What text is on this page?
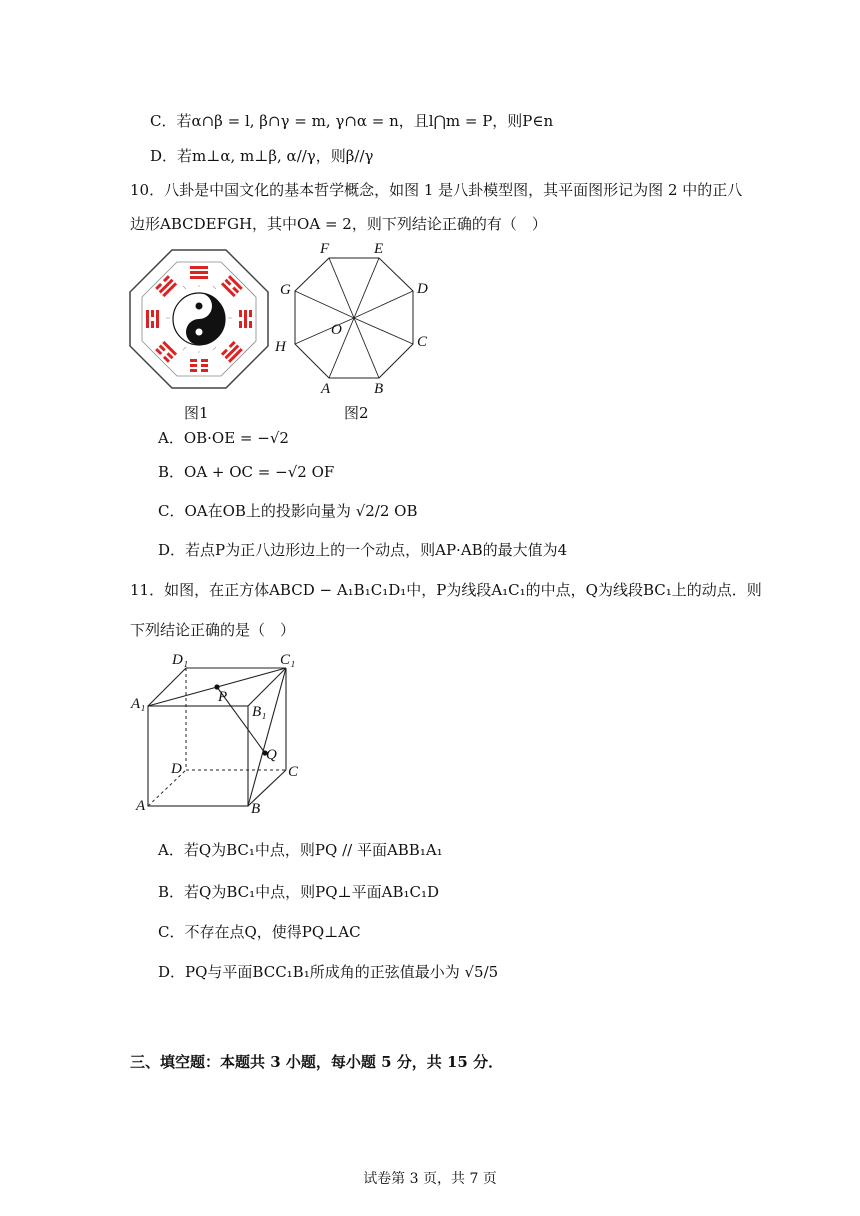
C．若α∩β = l, β∩γ = m, γ∩α = n，且l⋂m = P，则P∈n
D．若m⊥α, m⊥β, α//γ，则β//γ
10．八卦是中国文化的基本哲学概念，如图 1 是八卦模型图，其平面图形记为图 2 中的正八
边形ABCDEFGH，其中OA = 2，则下列结论正确的有（　）
图1
F	E
D
C
B
A
H
G
O
图2
A．OB·OE = −√2
B．OA + OC = −√2 OF
C．OA在OB上的投影向量为 √2/2 OB
D．若点P为正八边形边上的一个动点，则AP·AB的最大值为4
11．如图，在正方体ABCD − A₁B₁C₁D₁中，P为线段A₁C₁的中点，Q为线段BC₁上的动点．则
下列结论正确的是（　）
D₁	C₁
A₁	B₁
P
Q
D	C
A	B
A．若Q为BC₁中点，则PQ // 平面ABB₁A₁
B．若Q为BC₁中点，则PQ⊥平面AB₁C₁D
C．不存在点Q，使得PQ⊥AC
D．PQ与平面BCC₁B₁所成角的正弦值最小为 √5/5
三、填空题：本题共 3 小题，每小题 5 分，共 15 分．
试卷第 3 页，共 7 页
